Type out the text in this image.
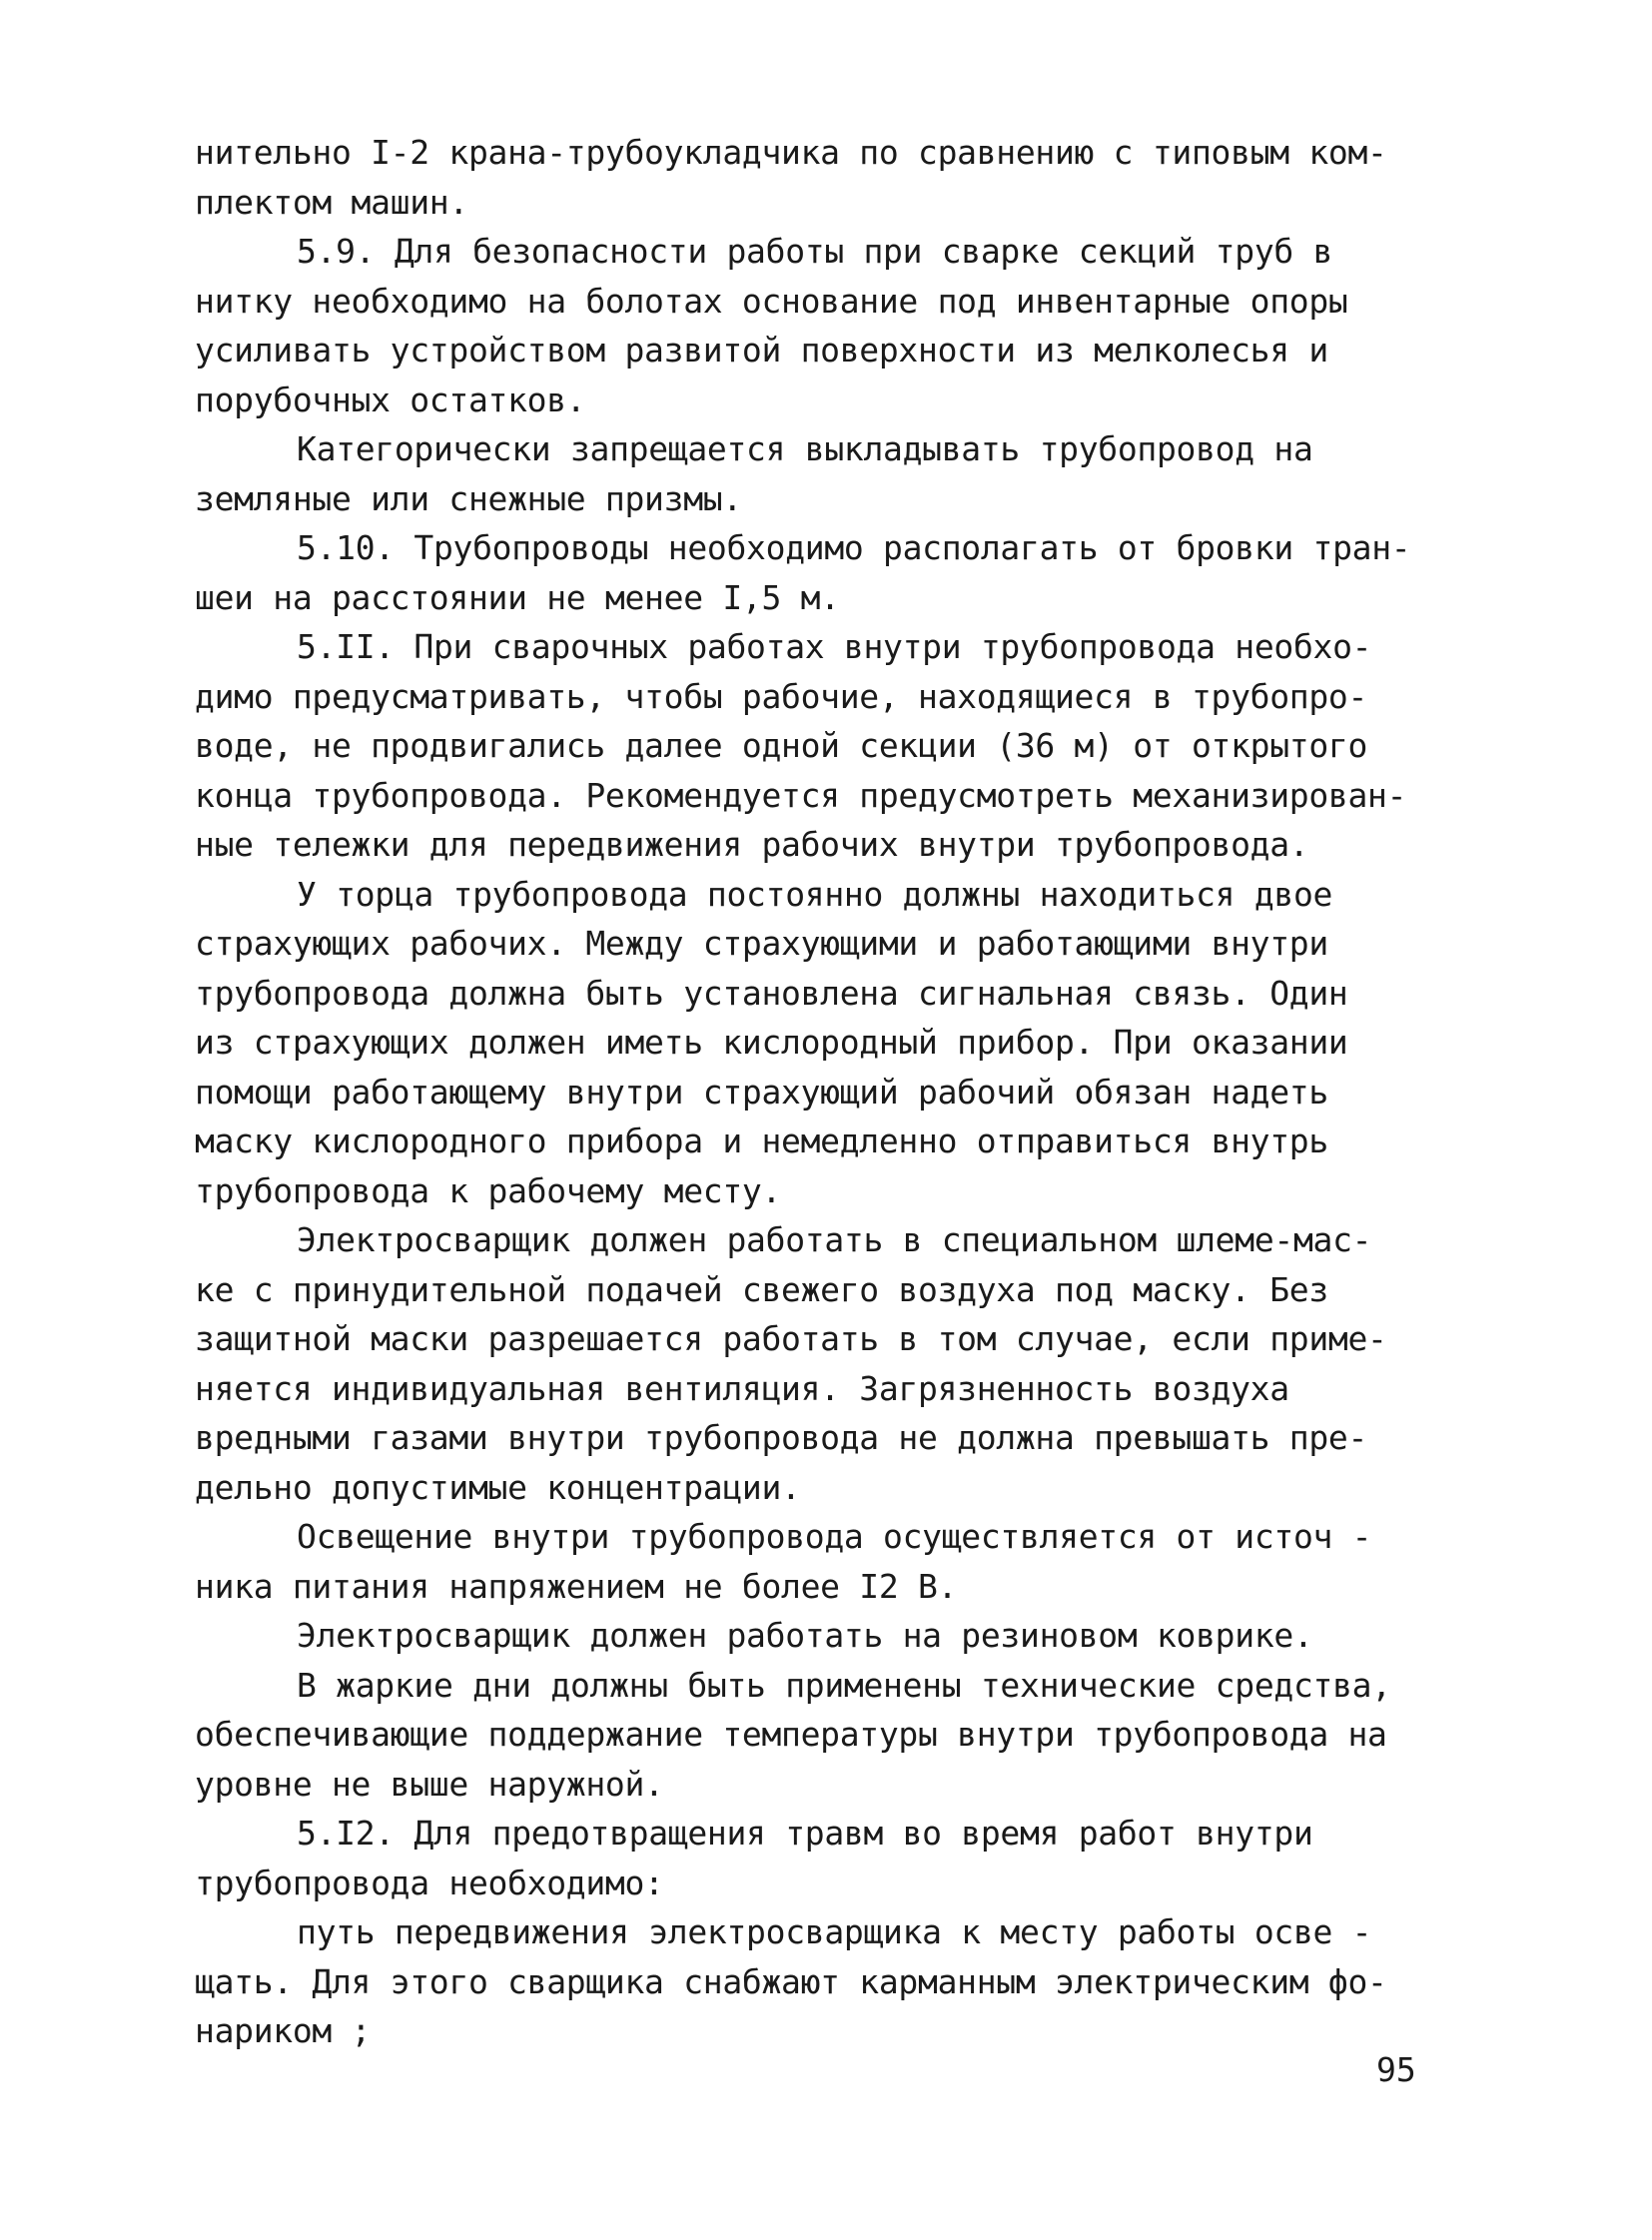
нительно I-2 крана-трубоукладчика по сравнению с типовым ком-
плектом машин.
5.9. Для безопасности работы при сварке секций труб в
нитку необходимо на болотах основание под инвентарные опоры
усиливать устройством развитой поверхности из мелколесья и
порубочных остатков.
Категорически запрещается выкладывать трубопровод на
земляные или снежные призмы.
5.10. Трубопроводы необходимо располагать от бровки тран-
шеи на расстоянии не менее I,5 м.
5.II. При сварочных работах внутри трубопровода необхо-
димо предусматривать, чтобы рабочие, находящиеся в трубопро-
воде, не продвигались далее одной секции (36 м) от открытого
конца трубопровода. Рекомендуется предусмотреть механизирован-
ные тележки для передвижения рабочих внутри трубопровода.
У торца трубопровода постоянно должны находиться двое
страхующих рабочих. Между страхующими и работающими внутри
трубопровода должна быть установлена сигнальная связь. Один
из страхующих должен иметь кислородный прибор. При оказании
помощи работающему внутри страхующий рабочий обязан надеть
маску кислородного прибора и немедленно отправиться внутрь
трубопровода к рабочему месту.
Электросварщик должен работать в специальном шлеме-мас-
ке с принудительной подачей свежего воздуха под маску. Без
защитной маски разрешается работать в том случае, если приме-
няется индивидуальная вентиляция. Загрязненность воздуха
вредными газами внутри трубопровода не должна превышать пре-
дельно допустимые концентрации.
Освещение внутри трубопровода осуществляется от источ -
ника питания напряжением не более I2 В.
Электросварщик должен работать на резиновом коврике.
В жаркие дни должны быть применены технические средства,
обеспечивающие поддержание температуры внутри трубопровода на
уровне не выше наружной.
5.I2. Для предотвращения травм во время работ внутри
трубопровода необходимо:
путь передвижения электросварщика к месту работы осве -
щать. Для этого сварщика снабжают карманным электрическим фо-
нариком ;
95
